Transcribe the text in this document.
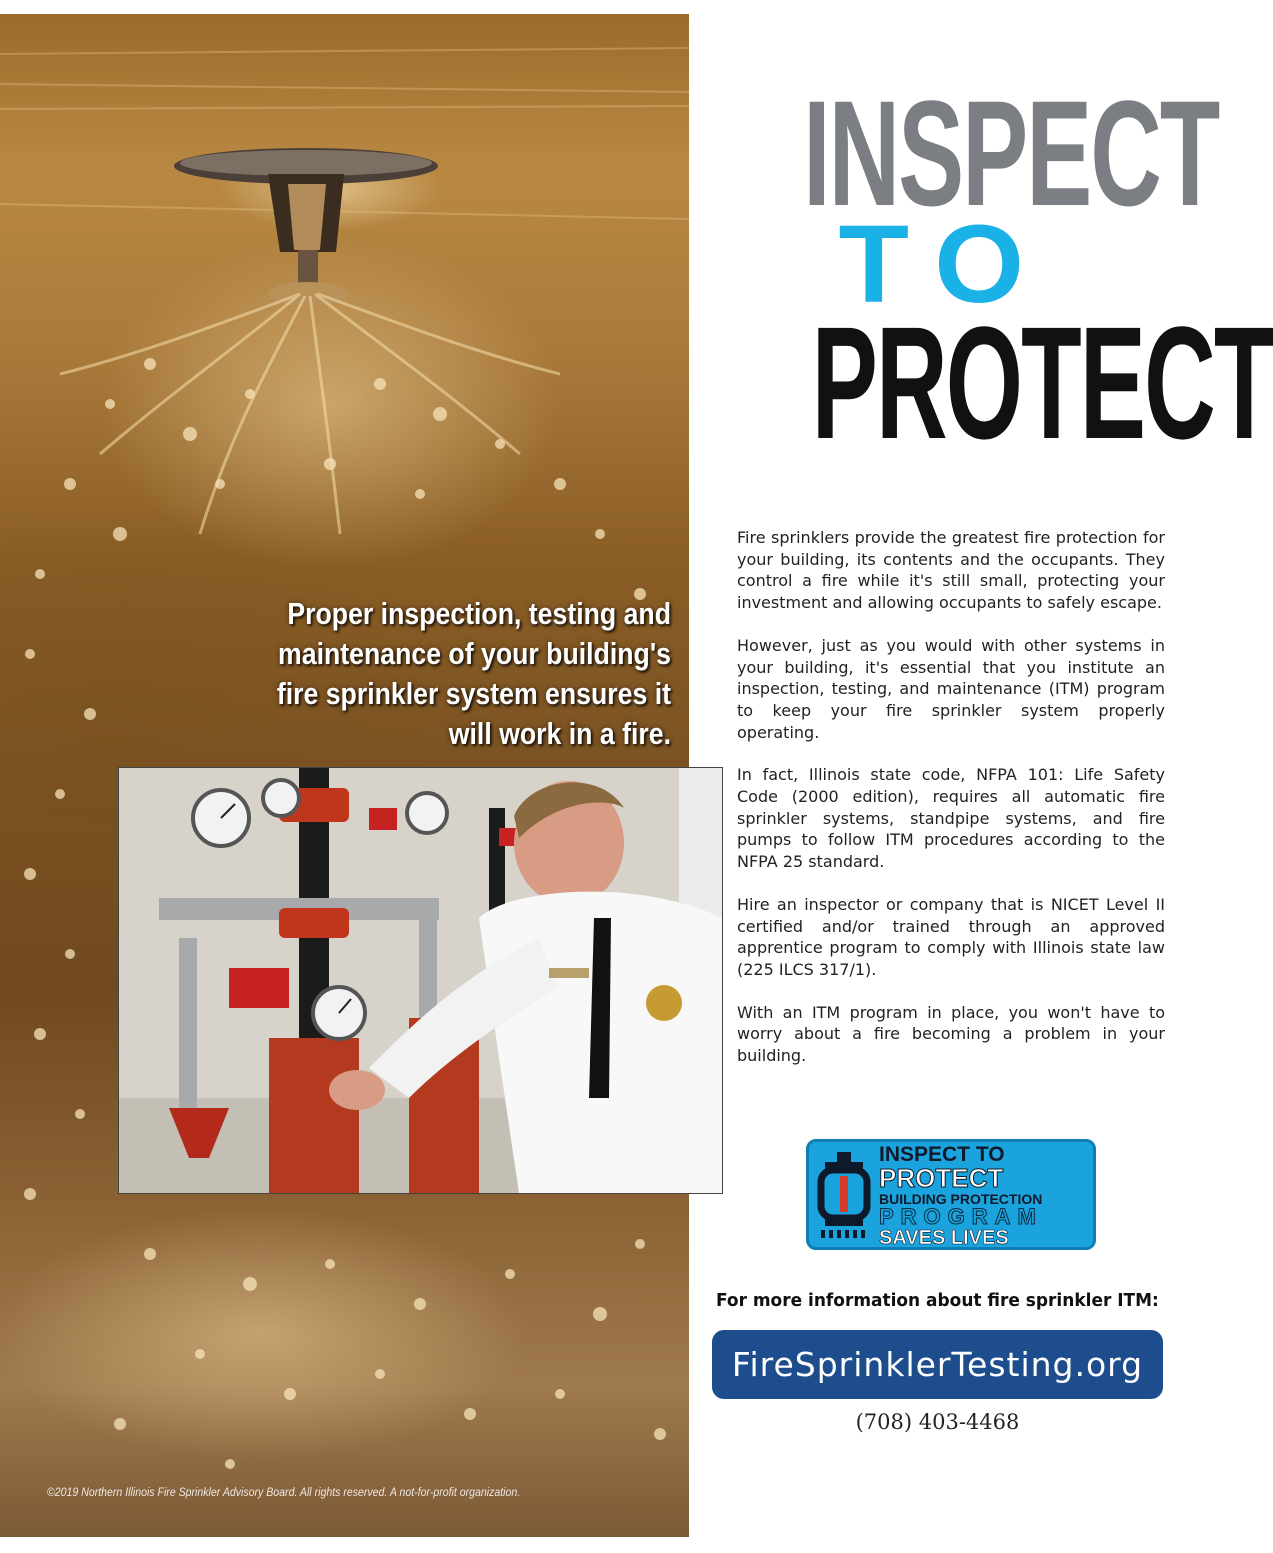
Proper inspection, testing and maintenance of your building's fire sprinkler system ensures it will work in a fire.
©2019 Northern Illinois Fire Sprinkler Advisory Board. All rights reserved. A not-for-profit organization.
INSPECT
TO
PROTECT

Fire sprinklers provide the greatest fire protection for your building, its contents and the occupants. They control a fire while it's still small, protecting your investment and allowing occupants to safely escape.

However, just as you would with other systems in your building, it's essential that you institute an inspection, testing, and maintenance (ITM) program to keep your fire sprinkler system properly operating.

In fact, Illinois state code, NFPA 101: Life Safety Code (2000 edition), requires all automatic fire sprinkler systems, standpipe systems, and fire pumps to follow ITM procedures according to the NFPA 25 standard.

Hire an inspector or company that is NICET Level II certified and/or trained through an approved apprentice program to comply with Illinois state law (225 ILCS 317/1).

With an ITM program in place, you won't have to worry about a fire becoming a problem in your building.

INSPECT TO
PROTECT
BUILDING PROTECTION
PROGRAM
SAVES LIVES
For more information about fire sprinkler ITM:
FireSprinklerTesting.org
(708) 403-4468
